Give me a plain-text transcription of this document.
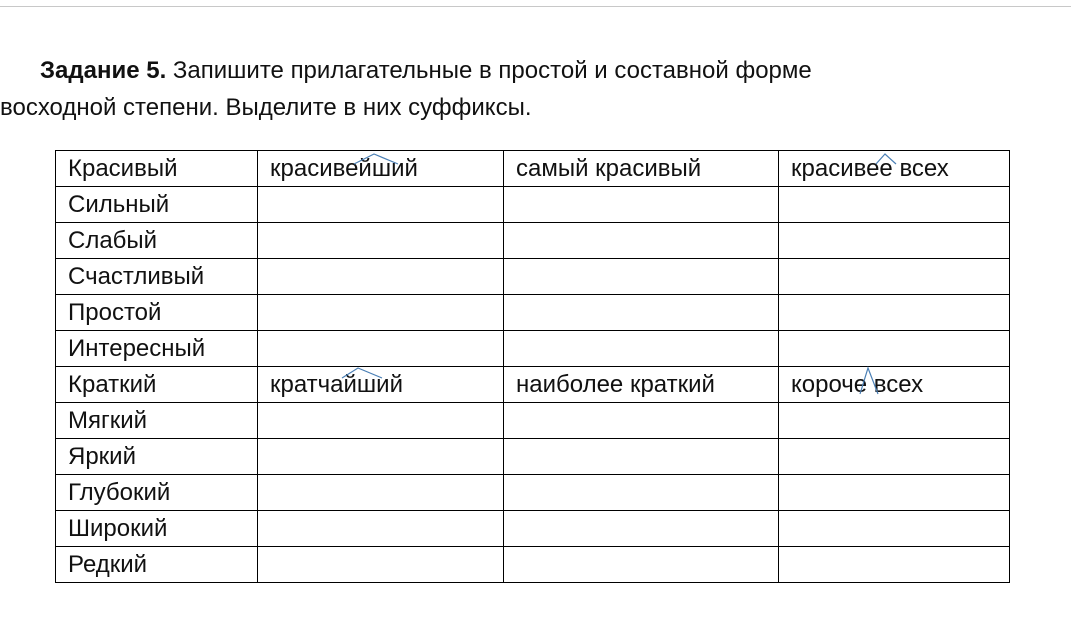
Задание 5. Запишите прилагательные в простой и составной форме
восходной степени. Выделите в них суффиксы.
Красивый	красивейший	самый красивый	красивее всех
Сильный			
Слабый			
Счастливый			
Простой			
Интересный			
Краткий	кратчайший	наиболее краткий	короче всех
Мягкий			
Яркий			
Глубокий			
Широкий			
Редкий			
